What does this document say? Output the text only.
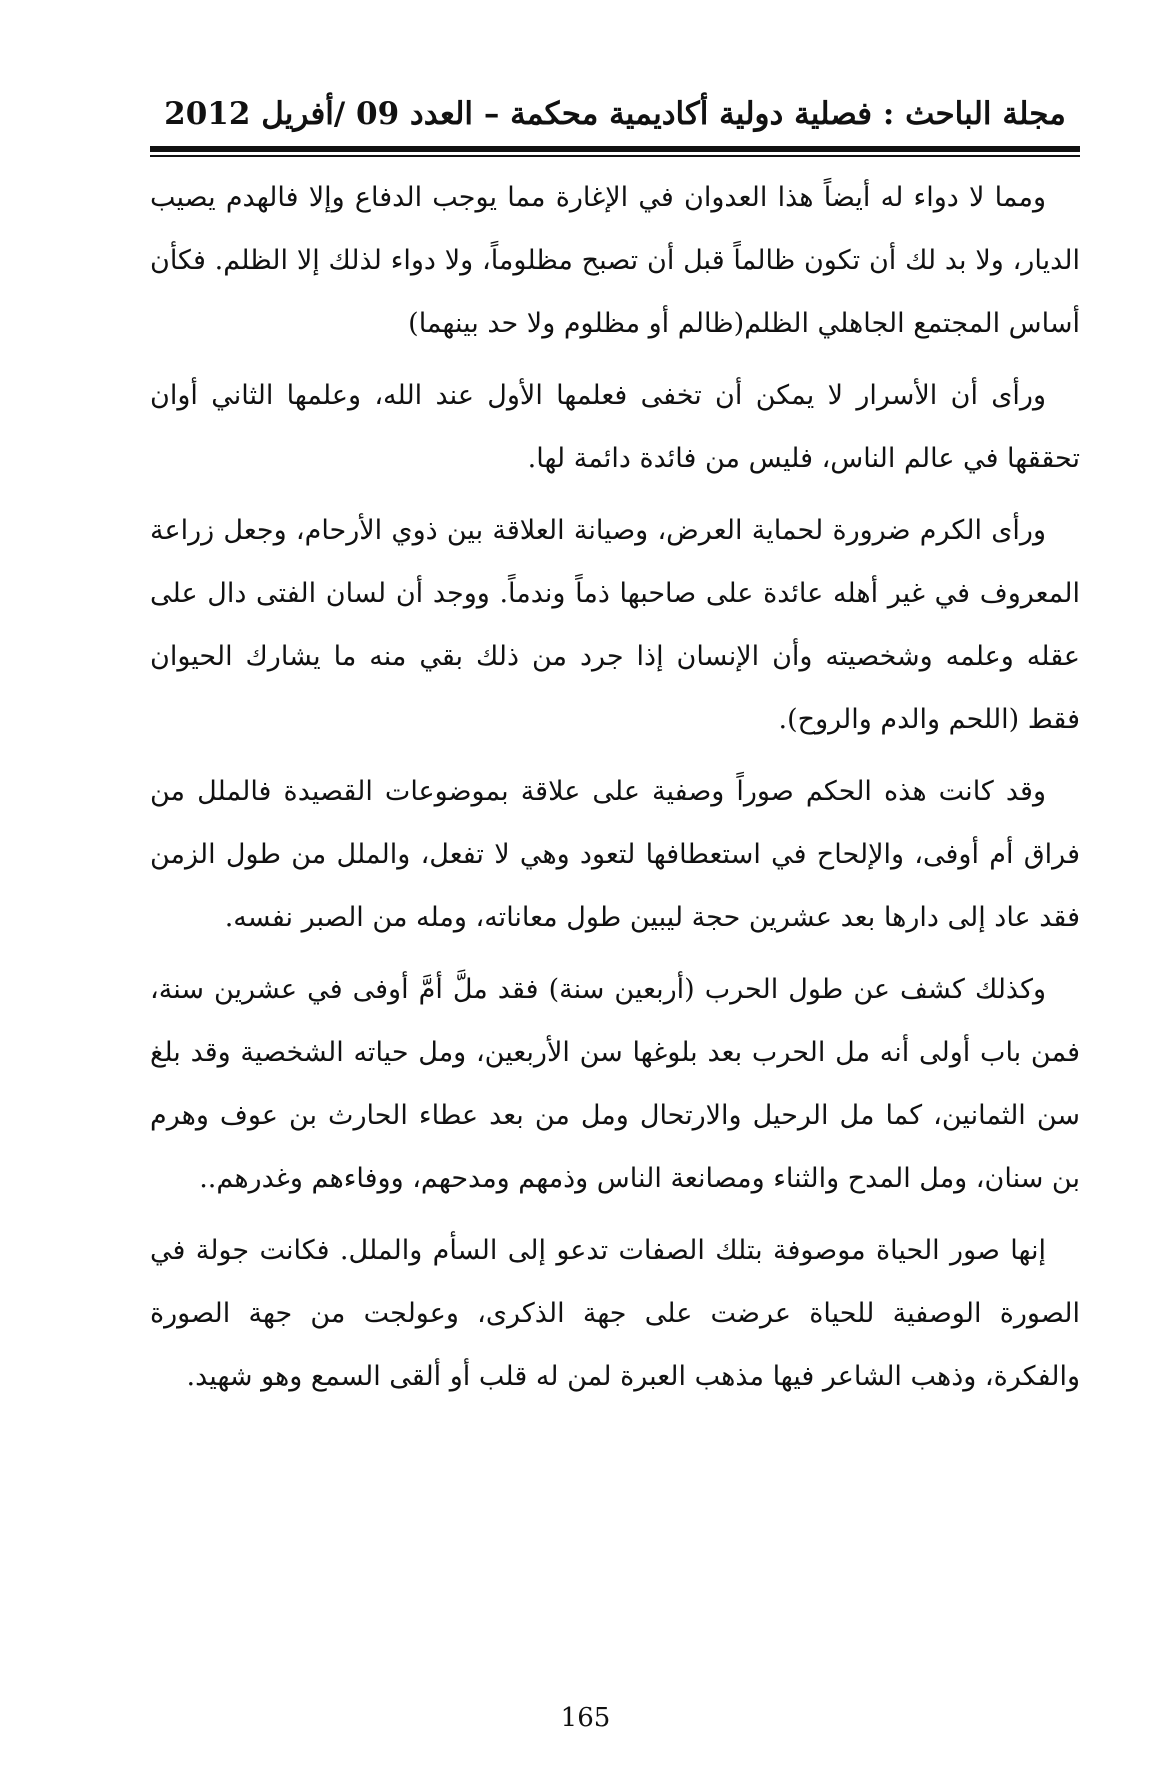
مجلة الباحث : فصلية دولية أكاديمية محكمة – العدد 09 /أفريل 2012

ومما لا دواء له أيضاً هذا العدوان في الإغارة مما يوجب الدفاع وإلا فالهدم يصيب الديار، ولا بد لك أن تكون ظالماً قبل أن تصبح مظلوماً، ولا دواء لذلك إلا الظلم. فكأن أساس المجتمع الجاهلي الظلم(ظالم أو مظلوم ولا حد بينهما)

ورأى أن الأسرار لا يمكن أن تخفى فعلمها الأول عند الله، وعلمها الثاني أوان تحققها في عالم الناس، فليس من فائدة دائمة لها.

ورأى الكرم ضرورة لحماية العرض، وصيانة العلاقة بين ذوي الأرحام، وجعل زراعة المعروف في غير أهله عائدة على صاحبها ذماً وندماً. ووجد أن لسان الفتى دال على عقله وعلمه وشخصيته وأن الإنسان إذا جرد من ذلك بقي منه ما يشارك الحيوان فقط (اللحم والدم والروح).

وقد كانت هذه الحكم صوراً وصفية على علاقة بموضوعات القصيدة فالملل من فراق أم أوفى، والإلحاح في استعطافها لتعود وهي لا تفعل، والملل من طول الزمن فقد عاد إلى دارها بعد عشرين حجة ليبين طول معاناته، ومله من الصبر نفسه.

وكذلك كشف عن طول الحرب (أربعين سنة) فقد ملَّ أمَّ أوفى في عشرين سنة، فمن باب أولى أنه مل الحرب بعد بلوغها سن الأربعين، ومل حياته الشخصية وقد بلغ سن الثمانين، كما مل الرحيل والارتحال ومل من بعد عطاء الحارث بن عوف وهرم بن سنان، ومل المدح والثناء ومصانعة الناس وذمهم ومدحهم، ووفاءهم وغدرهم..

إنها صور الحياة موصوفة بتلك الصفات تدعو إلى السأم والملل. فكانت جولة في الصورة الوصفية للحياة عرضت على جهة الذكرى، وعولجت من جهة الصورة والفكرة، وذهب الشاعر فيها مذهب العبرة لمن له قلب أو ألقى السمع وهو شهيد.

165
